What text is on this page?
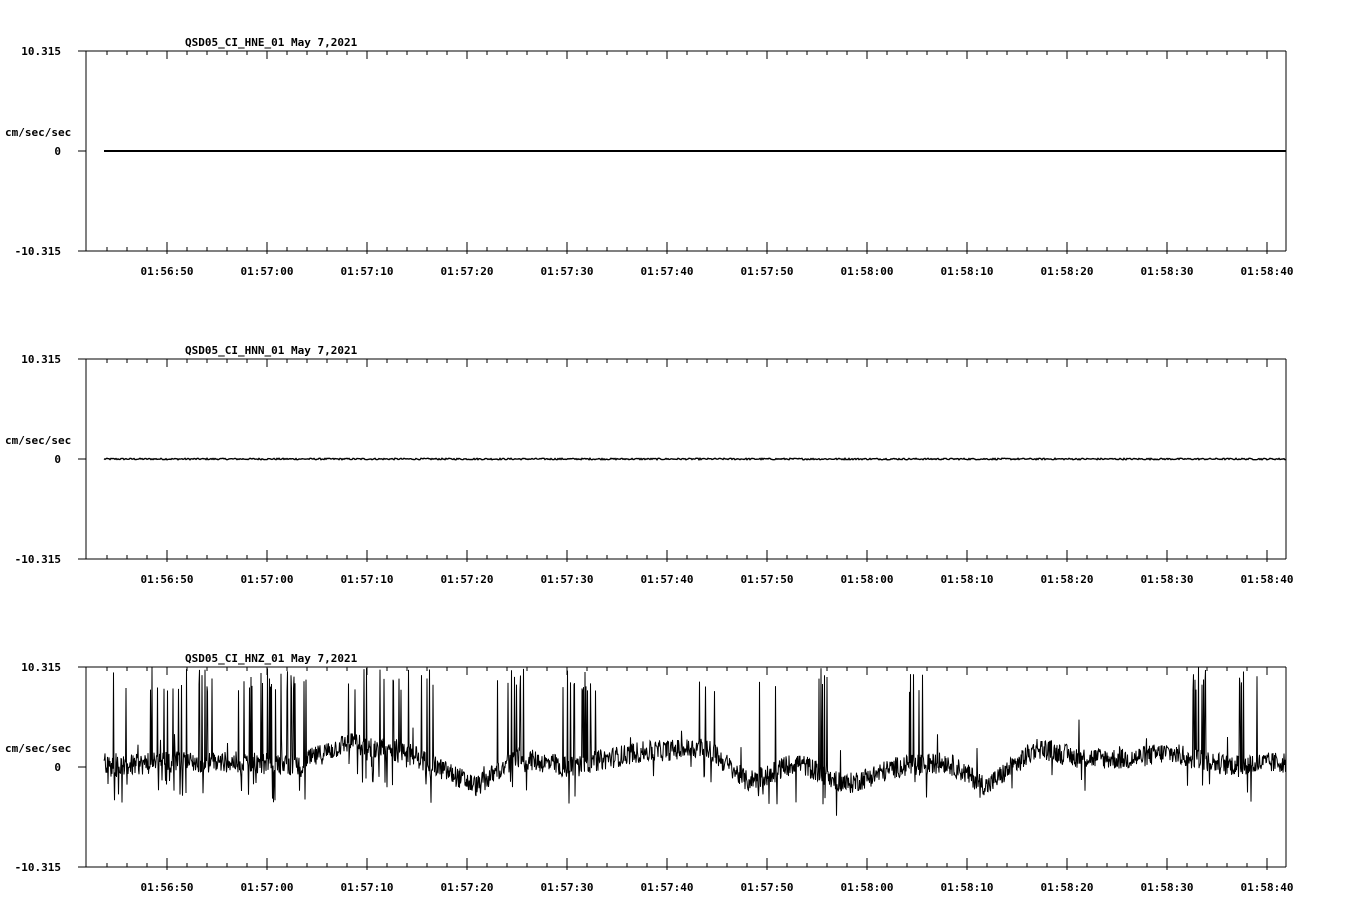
QSD05_CI_HNE_01 May 7,2021
cm/sec/sec
10.315
0
-10.315
01:56:50	01:57:00	01:57:10	01:57:20	01:57:30	01:57:40	01:57:50	01:58:00	01:58:10	01:58:20	01:58:30	01:58:40
QSD05_CI_HNN_01 May 7,2021
cm/sec/sec
10.315
0
-10.315
01:56:50	01:57:00	01:57:10	01:57:20	01:57:30	01:57:40	01:57:50	01:58:00	01:58:10	01:58:20	01:58:30	01:58:40
QSD05_CI_HNZ_01 May 7,2021
cm/sec/sec
10.315
0
-10.315
01:56:50	01:57:00	01:57:10	01:57:20	01:57:30	01:57:40	01:57:50	01:58:00	01:58:10	01:58:20	01:58:30	01:58:40
